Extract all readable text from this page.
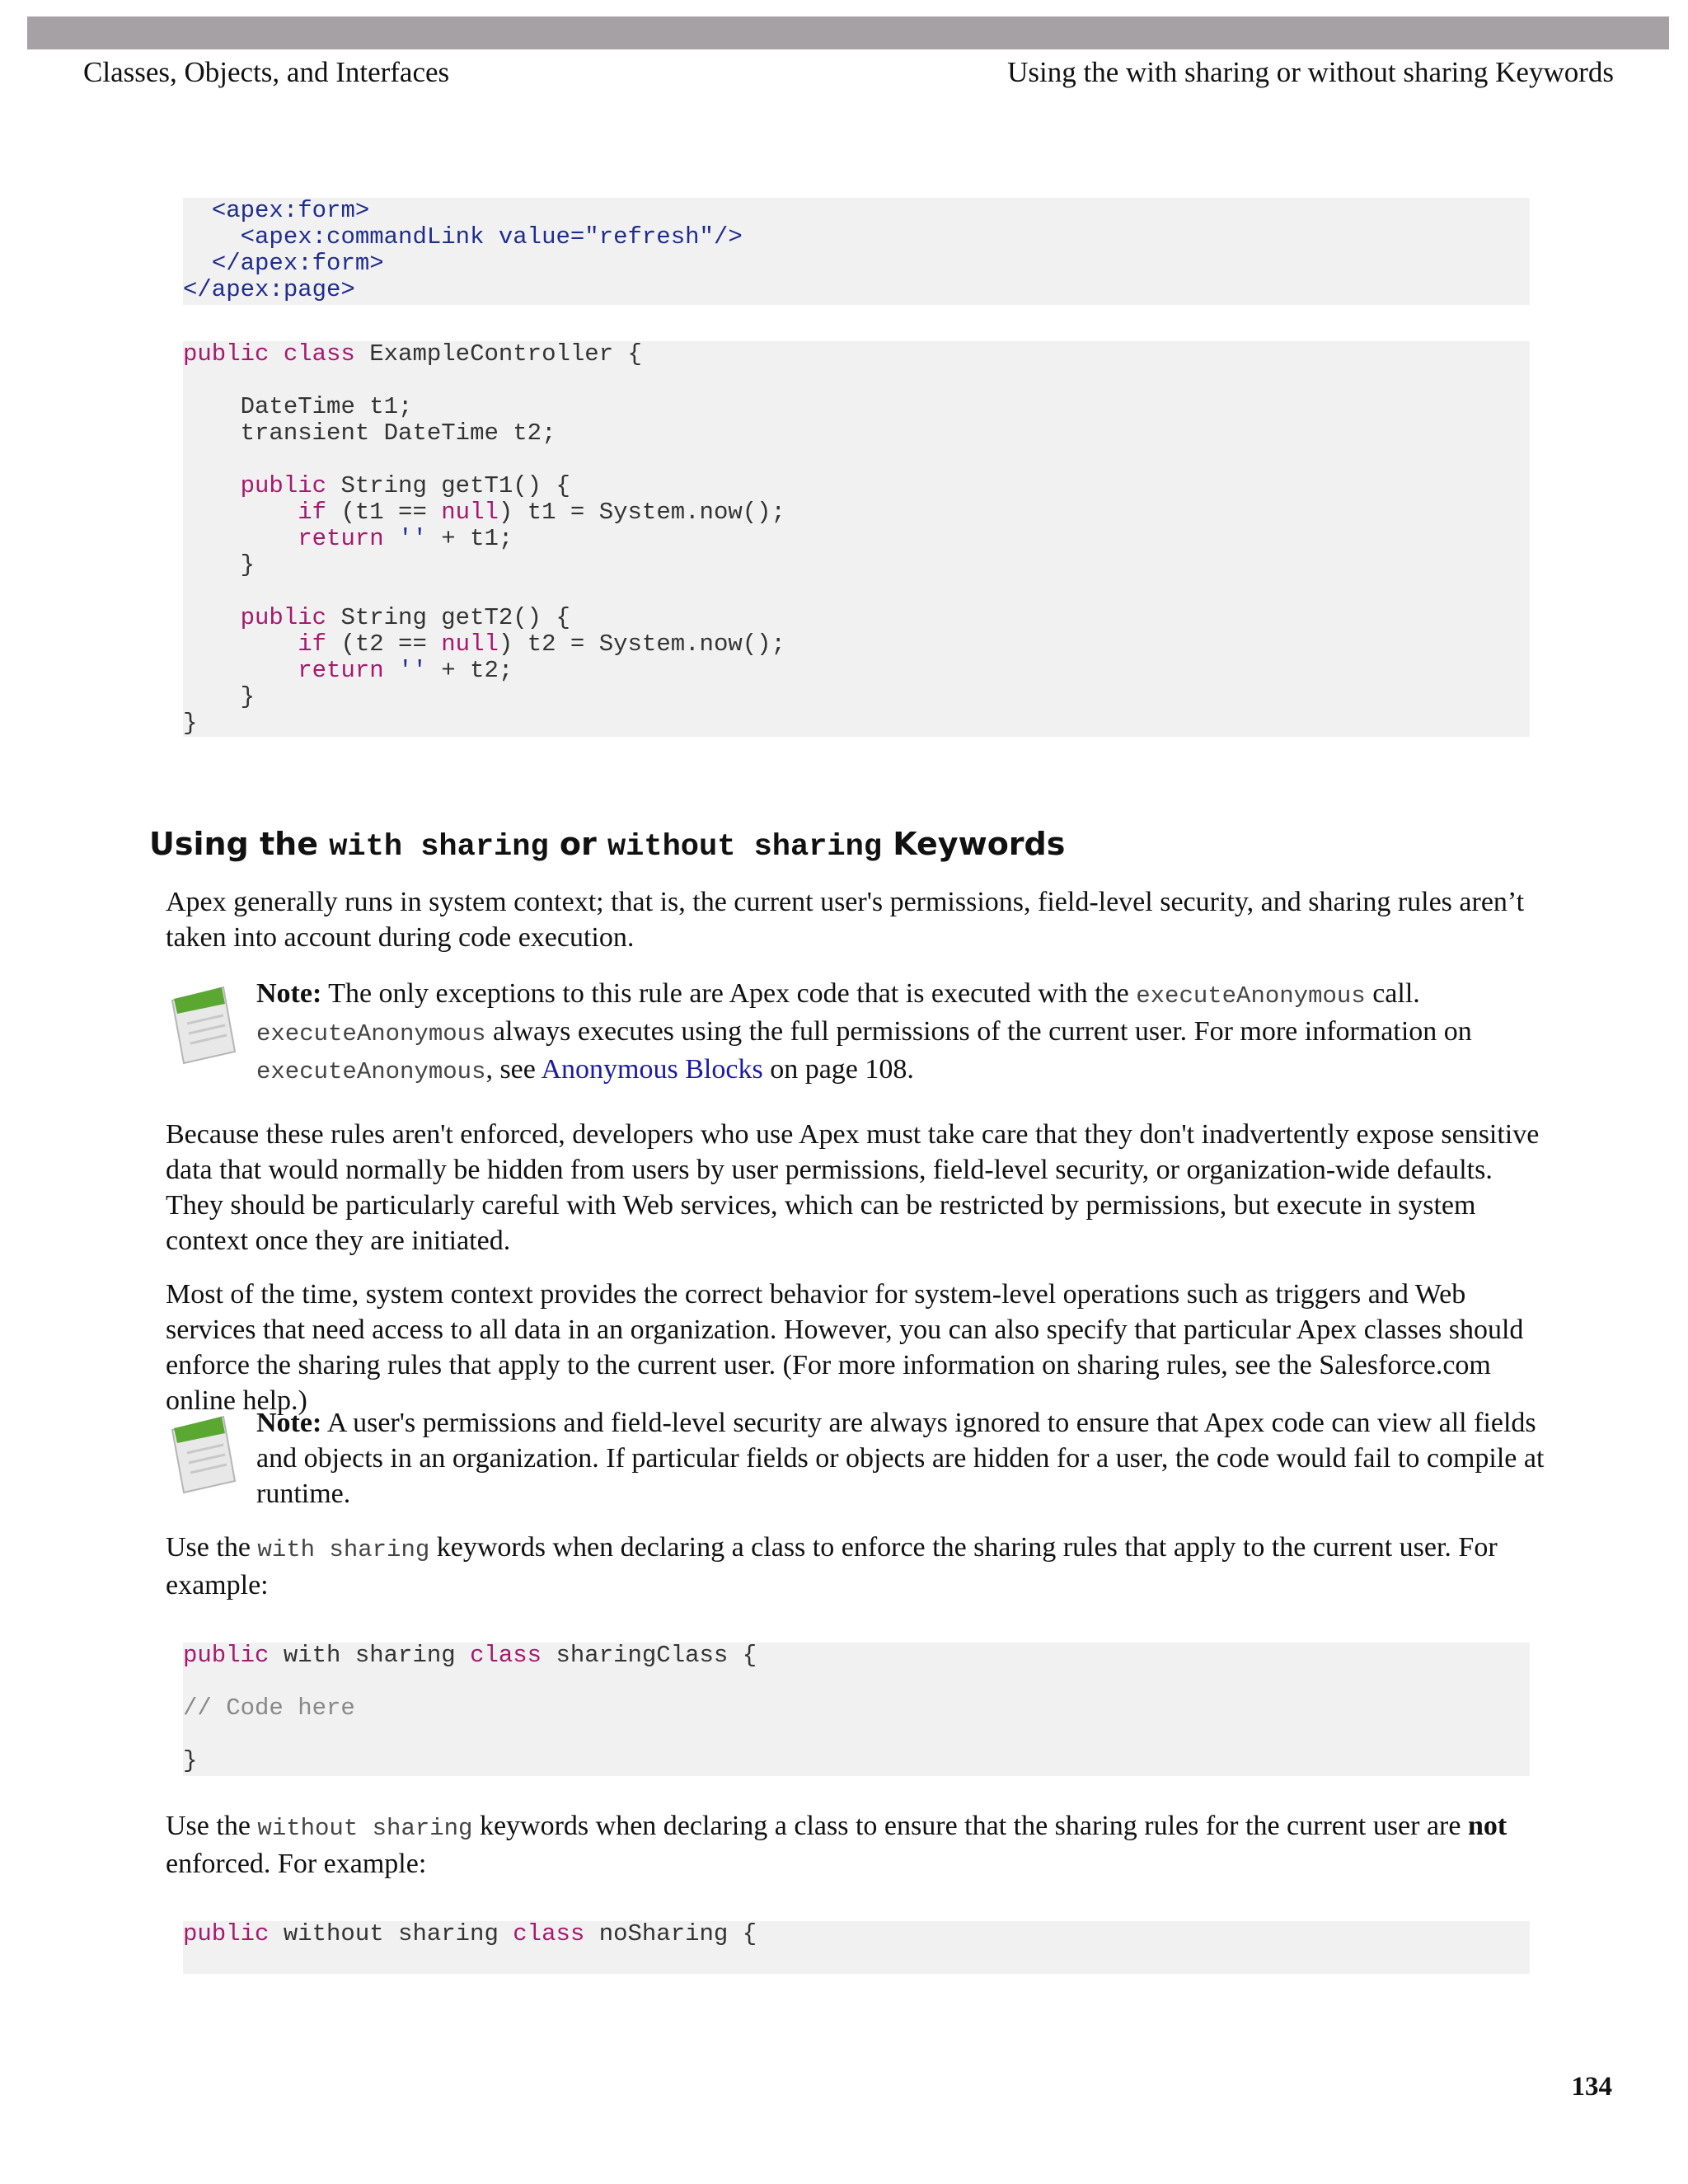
Classes, Objects, and Interfaces	Using the with sharing or without sharing Keywords
<apex:form>
<apex:commandLink value="refresh"/>
</apex:form>
</apex:page>
public class ExampleController {
DateTime t1;
transient DateTime t2;
public String getT1() {
if (t1 == null) t1 = System.now();
return '' + t1;
}
public String getT2() {
if (t2 == null) t2 = System.now();
return '' + t2;
}
}
Using the with sharing or without sharing Keywords

Apex generally runs in system context; that is, the current user's permissions, field-level security, and sharing rules aren’t taken into account during code execution.

Note: The only exceptions to this rule are Apex code that is executed with the executeAnonymous call. executeAnonymous always executes using the full permissions of the current user. For more information on executeAnonymous, see Anonymous Blocks on page 108.

Because these rules aren't enforced, developers who use Apex must take care that they don't inadvertently expose sensitive data that would normally be hidden from users by user permissions, field-level security, or organization-wide defaults. They should be particularly careful with Web services, which can be restricted by permissions, but execute in system context once they are initiated.

Most of the time, system context provides the correct behavior for system-level operations such as triggers and Web services that need access to all data in an organization. However, you can also specify that particular Apex classes should enforce the sharing rules that apply to the current user. (For more information on sharing rules, see the Salesforce.com online help.)

Note: A user's permissions and field-level security are always ignored to ensure that Apex code can view all fields and objects in an organization. If particular fields or objects are hidden for a user, the code would fail to compile at runtime.

Use the with sharing keywords when declaring a class to enforce the sharing rules that apply to the current user. For example:

public with sharing class sharingClass {
// Code here
}

Use the without sharing keywords when declaring a class to ensure that the sharing rules for the current user are not enforced. For example:

public without sharing class noSharing {
134
